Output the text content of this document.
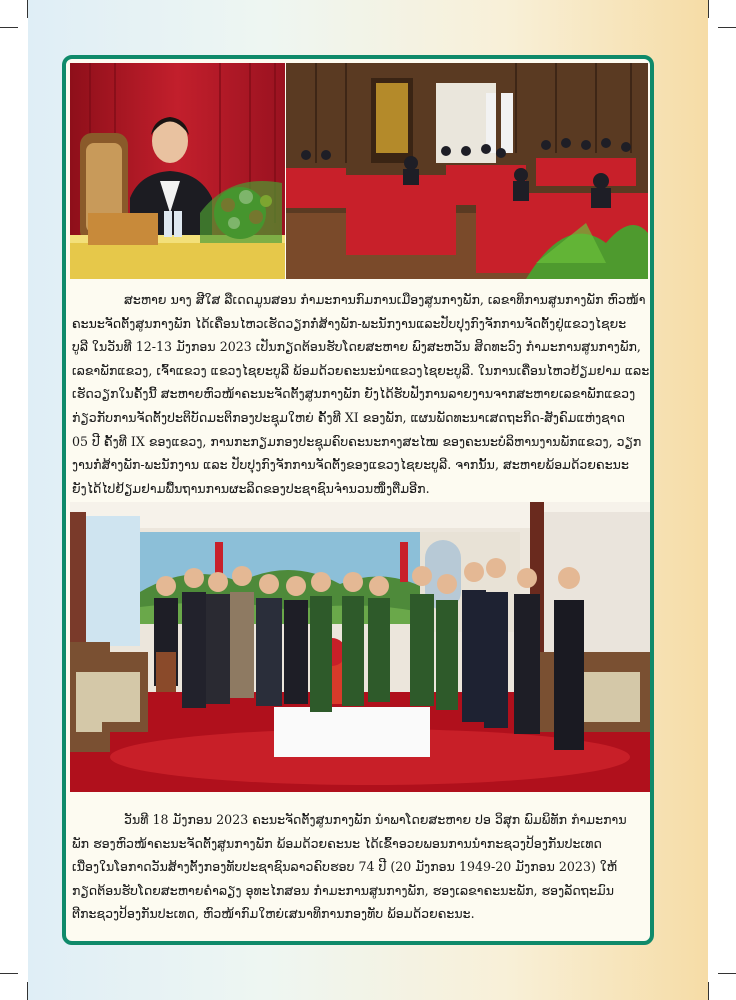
ສະຫາຍ ນາງ ສີໃສ ລືເດດມູນສອນ ກຳມະການກົມການເມືອງສູນກາງພັກ, ເລຂາທິການສູນກາງພັກ ຫົວໜ້າ
ຄະນະຈັດຕັ້ງສູນກາງພັກ ໄດ້ເຄື່ອນໄຫວເຮັດວຽກກໍ່ສ້າງພັກ-ພະນັກງານແລະປັບປຸງກົງຈັກການຈັດຕັ້ງຢູ່ແຂວງໄຊຍະ
ບູລີ ໃນວັນທີ 12-13 ມັງກອນ 2023 ເປັນກຽດຕ້ອນຮັບໂດຍສະຫາຍ ພົງສະຫວັນ ສິດທະວົງ ກຳມະການສູນກາງພັກ,
ເລຂາພັກແຂວງ, ເຈົ້າແຂວງ ແຂວງໄຊຍະບູລີ ພ້ອມດ້ວຍຄະນະນຳແຂວງໄຊຍະບູລີ. ໃນການເຄື່ອນໄຫວຢ້ຽມຢາມ ແລະ
ເຮັດວຽກໃນຄັ້ງນີ້ ສະຫາຍຫົວໜ້າຄະນະຈັດຕັ້ງສູນກາງພັກ ຍັງໄດ້ຮັບຟັງການລາຍງານຈາກສະຫາຍເລຂາພັກແຂວງ
ກ່ຽວກັບການຈັດຕັ້ງປະຕິບັດມະຕິກອງປະຊຸມໃຫຍ່ ຄັ້ງທີ XI ຂອງພັກ, ແຜນພັດທະນາເສດຖະກິດ-ສັງຄົມແຫ່ງຊາດ
05 ປີ ຄັ້ງທີ IX ຂອງແຂວງ, ການກະກຽມກອງປະຊຸມຄົບຄະນະກາງສະໄໝ ຂອງຄະນະບໍລິຫານງານພັກແຂວງ, ວຽກ
ງານກໍ່ສ້າງພັກ-ພະນັກງານ ແລະ ປັບປຸງກົງຈັກການຈັດຕັ້ງຂອງແຂວງໄຊຍະບູລີ. ຈາກນັ້ນ, ສະຫາຍພ້ອມດ້ວຍຄະນະ
ຍັງໄດ້ໄປຢ້ຽມຢາມພື້ນຖານການຜະລິດຂອງປະຊາຊົນຈຳນວນໜຶ່ງຕື່ມອີກ.
ວັນທີ 18 ມັງກອນ 2023 ຄະນະຈັດຕັ້ງສູນກາງພັກ ນຳພາໂດຍສະຫາຍ ປອ ວິສຸກ ພົມພິທັກ ກຳມະການ
ພັກ ຮອງຫົວໜ້າຄະນະຈັດຕັ້ງສູນກາງພັກ ພ້ອມດ້ວຍຄະນະ ໄດ້ເຂົ້າອວຍພອນການນຳກະຊວງປ້ອງກັນປະເທດ
ເນື່ອງໃນໂອກາດວັນສ້າງຕັ້ງກອງທັບປະຊາຊົນລາວຄົບຮອບ 74 ປີ (20 ມັງກອນ 1949-20 ມັງກອນ 2023) ໃຫ້
ກຽດຕ້ອນຮັບໂດຍສະຫາຍຄຳລຽງ ອຸທະໄກສອນ ກຳມະການສູນກາງພັກ, ຮອງເລຂາຄະນະພັກ, ຮອງລັດຖະມົນ
ຕີກະຊວງປ້ອງກັນປະເທດ, ຫົວໜ້າກົມໃຫຍ່ເສນາທິການກອງທັບ ພ້ອມດ້ວຍຄະນະ.
